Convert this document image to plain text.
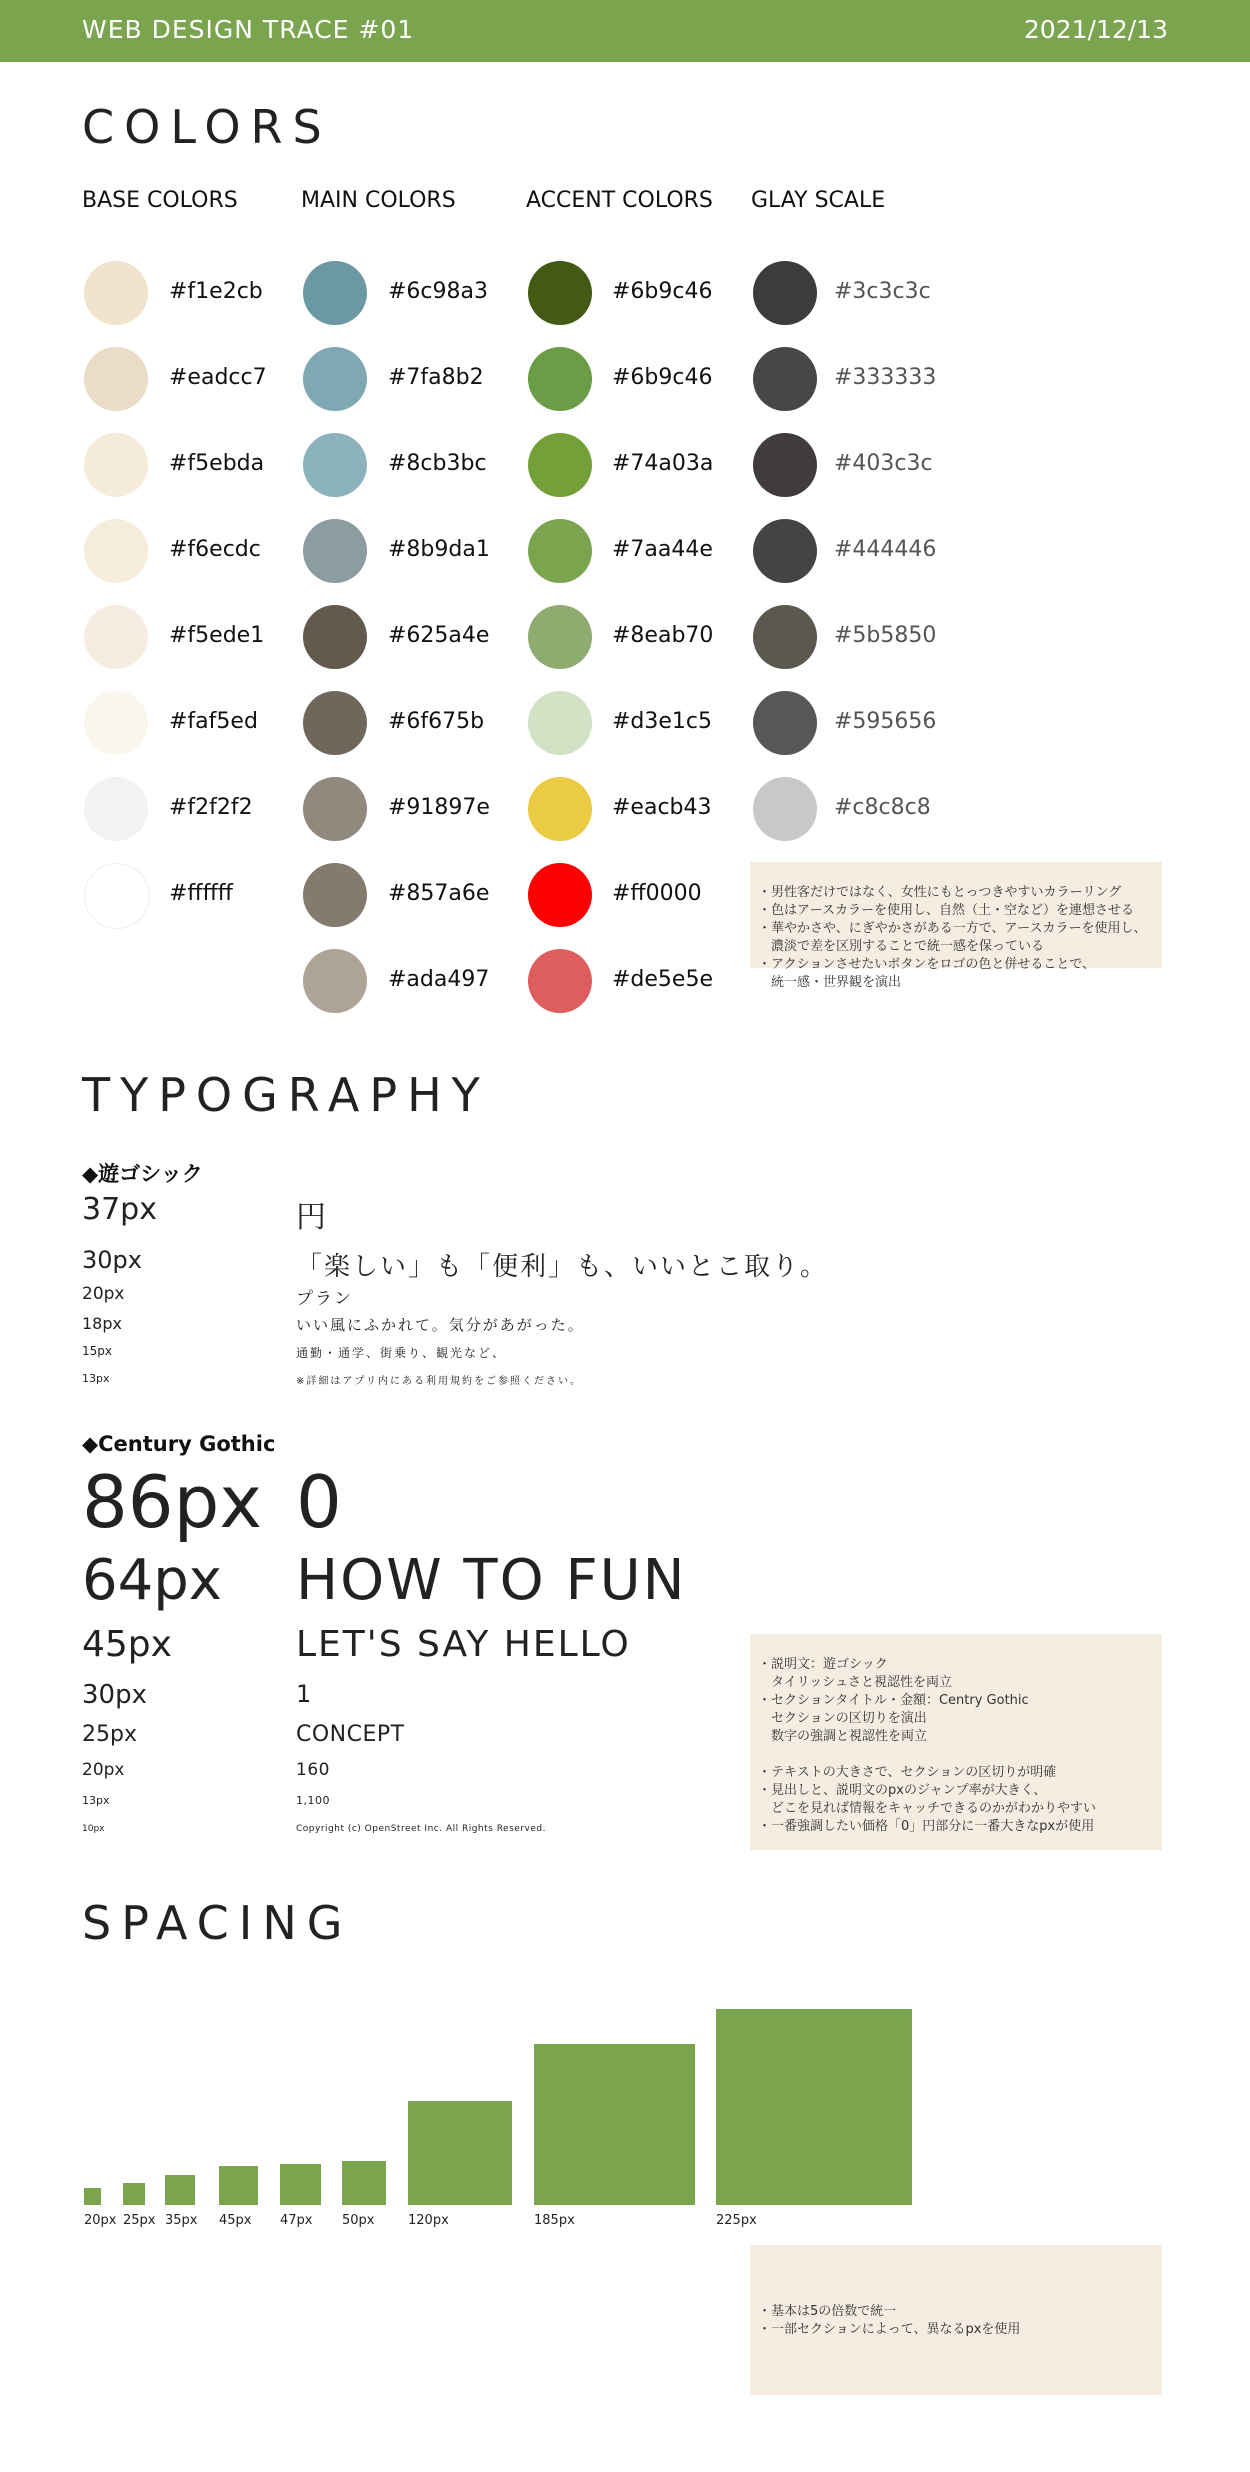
WEB DESIGN TRACE #01	2021/12/13
COLORS
BASE COLORS
#f1e2cb
#eadcc7
#f5ebda
#f6ecdc
#f5ede1
#faf5ed
#f2f2f2
#ffffff
MAIN COLORS
#6c98a3
#7fa8b2
#8cb3bc
#8b9da1
#625a4e
#6f675b
#91897e
#857a6e
#ada497
ACCENT COLORS
#6b9c46
#6b9c46
#74a03a
#7aa44e
#8eab70
#d3e1c5
#eacb43
#ff0000
#de5e5e
GLAY SCALE
#3c3c3c
#333333
#403c3c
#444446
#5b5850
#595656
#c8c8c8
・男性客だけではなく、女性にもとっつきやすいカラーリング
・色はアースカラーを使用し、自然（土・空など）を連想させる
・華やかさや、にぎやかさがある一方で、アースカラーを使用し、
　濃淡で差を区別することで統一感を保っている
・アクションさせたいボタンをロゴの色と併せることで、
　統一感・世界観を演出
TYPOGRAPHY
◆遊ゴシック
37px	円
30px	「楽しい」も「便利」も、いいとこ取り。
20px	プラン
18px	いい風にふかれて。気分があがった。
15px	通勤・通学、街乗り、観光など、
13px	※詳細はアプリ内にある利用規約をご参照ください。
◆Century Gothic
86px 0
64px HOW TO FUN
45px	LET'S SAY HELLO
30px	1
25px	CONCEPT
20px	160
13px	1,100
10px	Copyright (c) OpenStreet Inc. All Rights Reserved.
・説明文：遊ゴシック
　タイリッシュさと視認性を両立
・セクションタイトル・金額：Centry Gothic
　セクションの区切りを演出
　数字の強調と視認性を両立

・テキストの大きさで、セクションの区切りが明確
・見出しと、説明文のpxのジャンプ率が大きく、
　どこを見れば情報をキャッチできるのかがわかりやすい
・一番強調したい価格「0」円部分に一番大きなpxが使用
SPACING
20px 25px 35px 45px 47px 50px	120px	185px	225px
・基本は5の倍数で統一
・一部セクションによって、異なるpxを使用
